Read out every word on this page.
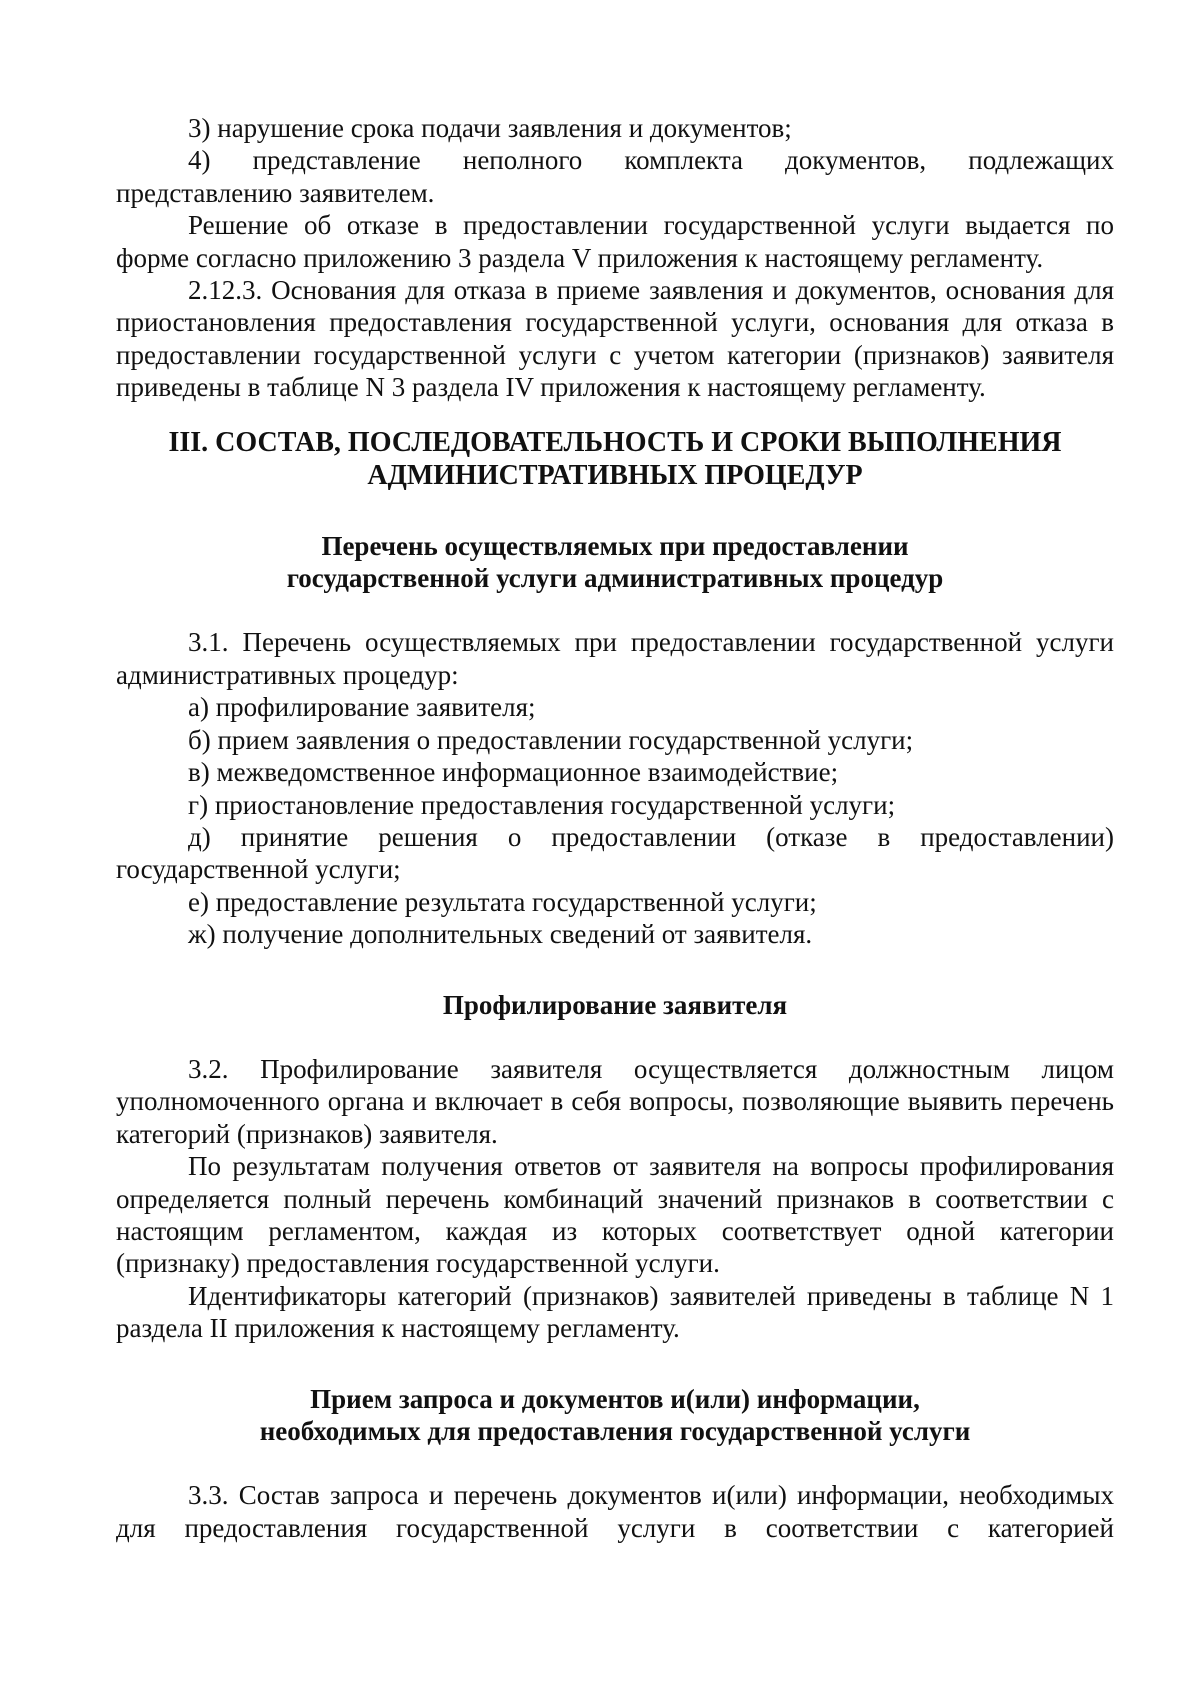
3) нарушение срока подачи заявления и документов;

4) представление неполного комплекта документов, подлежащих представлению заявителем.

Решение об отказе в предоставлении государственной услуги выдается по форме согласно приложению 3 раздела V приложения к настоящему регламенту.

2.12.3. Основания для отказа в приеме заявления и документов, основания для приостановления предоставления государственной услуги, основания для отказа в предоставлении государственной услуги с учетом категории (признаков) заявителя приведены в таблице N 3 раздела IV приложения к настоящему регламенту.

III. СОСТАВ, ПОСЛЕДОВАТЕЛЬНОСТЬ И СРОКИ ВЫПОЛНЕНИЯ
АДМИНИСТРАТИВНЫХ ПРОЦЕДУР
Перечень осуществляемых при предоставлении
государственной услуги административных процедур

3.1. Перечень осуществляемых при предоставлении государственной услуги административных процедур:

а) профилирование заявителя;

б) прием заявления о предоставлении государственной услуги;

в) межведомственное информационное взаимодействие;

г) приостановление предоставления государственной услуги;

д) принятие решения о предоставлении (отказе в предоставлении) государственной услуги;

е) предоставление результата государственной услуги;

ж) получение дополнительных сведений от заявителя.

Профилирование заявителя

3.2. Профилирование заявителя осуществляется должностным лицом уполномоченного органа и включает в себя вопросы, позволяющие выявить перечень категорий (признаков) заявителя.

По результатам получения ответов от заявителя на вопросы профилирования определяется полный перечень комбинаций значений признаков в соответствии с настоящим регламентом, каждая из которых соответствует одной категории (признаку) предоставления государственной услуги.

Идентификаторы категорий (признаков) заявителей приведены в таблице N 1 раздела II приложения к настоящему регламенту.

Прием запроса и документов и(или) информации,
необходимых для предоставления государственной услуги

3.3. Состав запроса и перечень документов и(или) информации, необходимых для предоставления государственной услуги в соответствии с категорией
